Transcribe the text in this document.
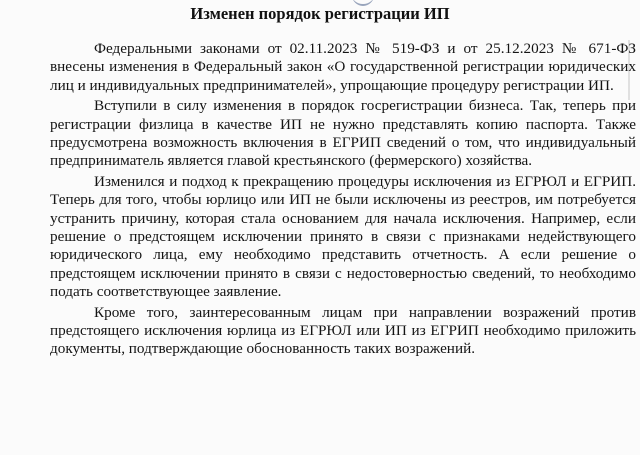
Изменен порядок регистрации ИП

Федеральными законами от 02.11.2023 № 519-ФЗ и от 25.12.2023 № 671-ФЗ внесены изменения в Федеральный закон «О государственной регистрации юридических лиц и индивидуальных предпринимателей», упрощающие процедуру регистрации ИП.

Вступили в силу изменения в порядок госрегистрации бизнеса. Так, теперь при регистрации физлица в качестве ИП не нужно представлять копию паспорта. Также предусмотрена возможность включения в ЕГРИП сведений о том, что индивидуальный предприниматель является главой крестьянского (фермерского) хозяйства.

Изменился и подход к прекращению процедуры исключения из ЕГРЮЛ и ЕГРИП. Теперь для того, чтобы юрлицо или ИП не были исключены из реестров, им потребуется устранить причину, которая стала основанием для начала исключения. Например, если решение о предстоящем исключении принято в связи с признаками недействующего юридического лица, ему необходимо представить отчетность. А если решение о предстоящем исключении принято в связи с недостоверностью сведений, то необходимо подать соответствующее заявление.

Кроме того, заинтересованным лицам при направлении возражений против предстоящего исключения юрлица из ЕГРЮЛ или ИП из ЕГРИП необходимо приложить документы, подтверждающие обоснованность таких возражений.
